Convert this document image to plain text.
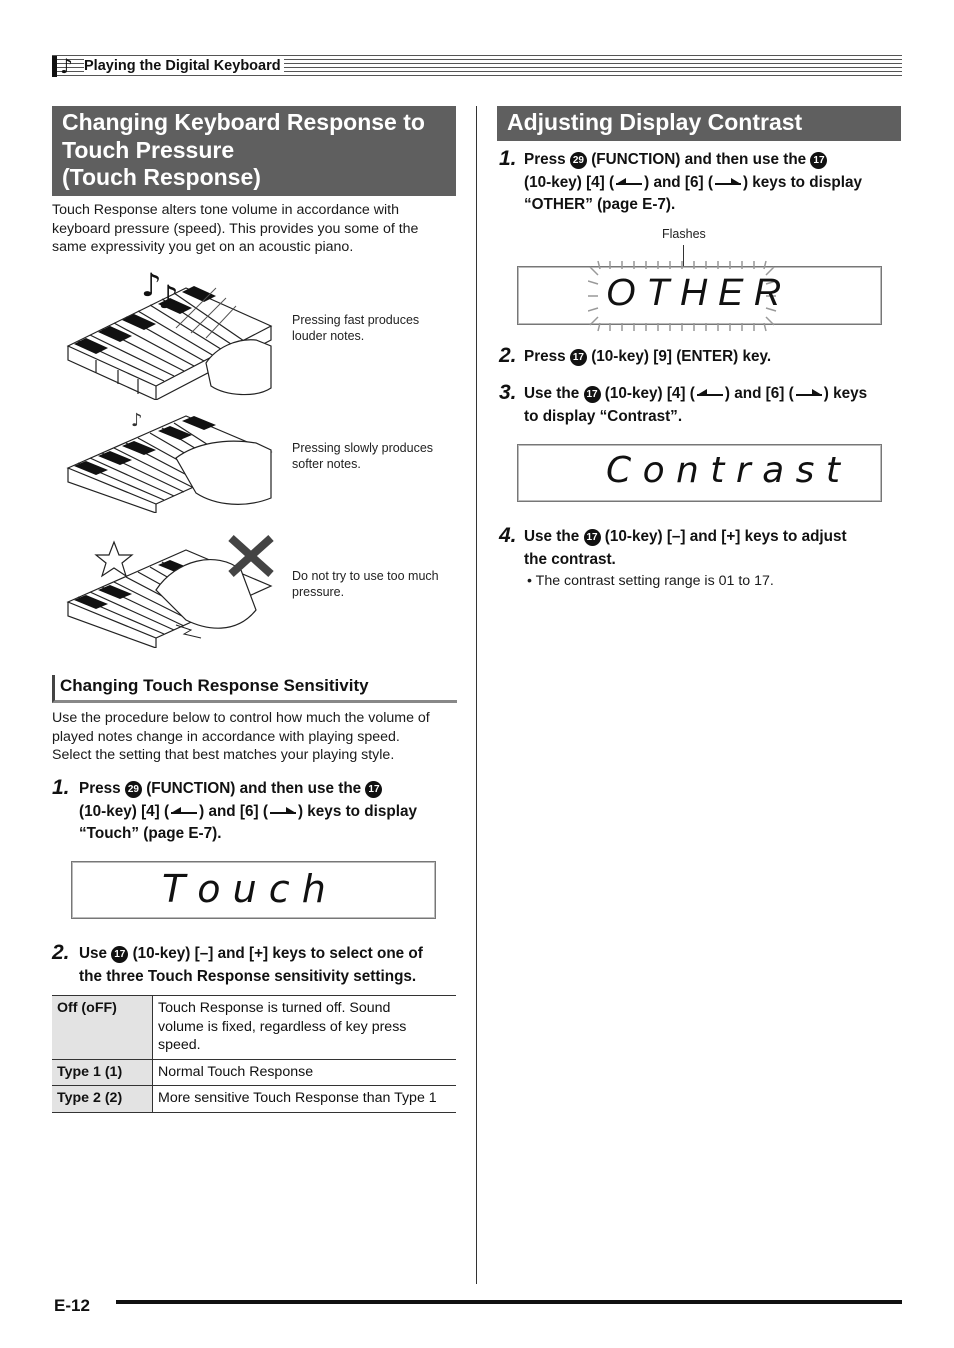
♪ Playing the Digital Keyboard
Changing Keyboard Response to
Touch Pressure
(Touch Response)
Touch Response alters tone volume in accordance with
keyboard pressure (speed). This provides you some of the
same expressivity you get on an acoustic piano.
♪
♪
Pressing fast produces
louder notes.
♪
Pressing slowly produces
softer notes.
Do not try to use too much
pressure.
Changing Touch Response Sensitivity
Use the procedure below to control how much the volume of
played notes change in accordance with playing speed.
Select the setting that best matches your playing style.
1. Press 29 (FUNCTION) and then use the 17
(10-key) [4] ( ) and [6] ( ) keys to display
“Touch” (page E-7).
T o u c h
2. Use 17 (10-key) [–] and [+] keys to select one of
the three Touch Response sensitivity settings.
Off (oFF)	Touch Response is turned off. Sound
volume is fixed, regardless of key press
speed.

Type 1 (1)	Normal Touch Response

Type 2 (2)	More sensitive Touch Response than Type 1
Adjusting Display Contrast
1. Press 29 (FUNCTION) and then use the 17
(10-key) [4] ( ) and [6] ( ) keys to display
“OTHER” (page E-7).
Flashes
O T H E R
2. Press 17 (10-key) [9] (ENTER) key.
3. Use the 17 (10-key) [4] ( ) and [6] ( ) keys
to display “Contrast”.
C o n t r a s t
4. Use the 17 (10-key) [–] and [+] keys to adjust
the contrast.
• The contrast setting range is 01 to 17.
E-12
